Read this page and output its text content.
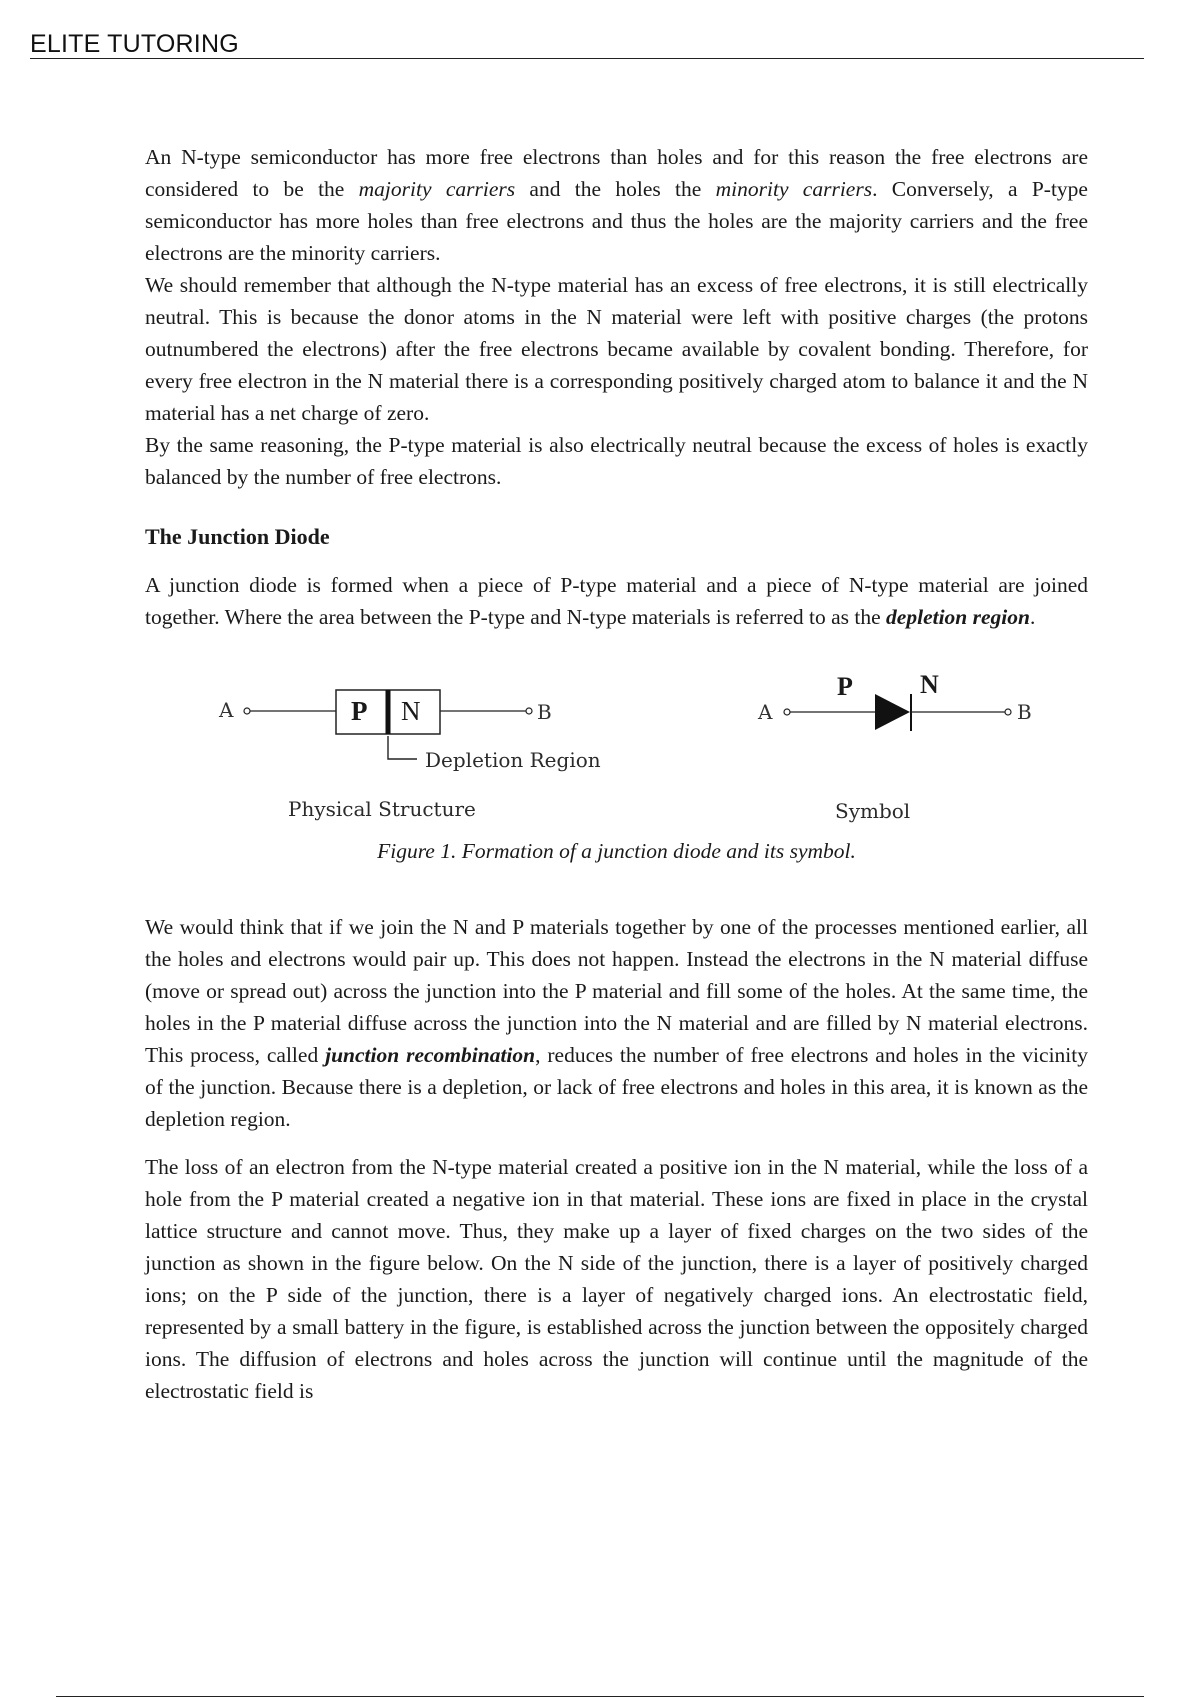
ELITE TUTORING

An N-type semiconductor has more free electrons than holes and for this reason the free electrons are considered to be the majority carriers and the holes the minority carriers. Conversely, a P-type semiconductor has more holes than free electrons and thus the holes are the majority carriers and the free electrons are the minority carriers.

We should remember that although the N-type material has an excess of free electrons, it is still electrically neutral. This is because the donor atoms in the N material were left with positive charges (the protons outnumbered the electrons) after the free electrons became available by covalent bonding. Therefore, for every free electron in the N material there is a corresponding positively charged atom to balance it and the N material has a net charge of zero.

By the same reasoning, the P-type material is also electrically neutral because the excess of holes is exactly balanced by the number of free electrons.

The Junction Diode

A junction diode is formed when a piece of P-type material and a piece of N-type material are joined together. Where the area between the P-type and N-type materials is referred to as the depletion region.

A	B
P N
Depletion Region
Physical Structure
A	B
P	N
Symbol
Figure 1. Formation of a junction diode and its symbol.

We would think that if we join the N and P materials together by one of the processes mentioned earlier, all the holes and electrons would pair up. This does not happen. Instead the electrons in the N material diffuse (move or spread out) across the junction into the P material and fill some of the holes. At the same time, the holes in the P material diffuse across the junction into the N material and are filled by N material electrons. This process, called junction recombination, reduces the number of free electrons and holes in the vicinity of the junction. Because there is a depletion, or lack of free electrons and holes in this area, it is known as the depletion region.

The loss of an electron from the N-type material created a positive ion in the N material, while the loss of a hole from the P material created a negative ion in that material. These ions are fixed in place in the crystal lattice structure and cannot move. Thus, they make up a layer of fixed charges on the two sides of the junction as shown in the figure below. On the N side of the junction, there is a layer of positively charged ions; on the P side of the junction, there is a layer of negatively charged ions. An electrostatic field, represented by a small battery in the figure, is established across the junction between the oppositely charged ions. The diffusion of electrons and holes across the junction will continue until the magnitude of the electrostatic field is
